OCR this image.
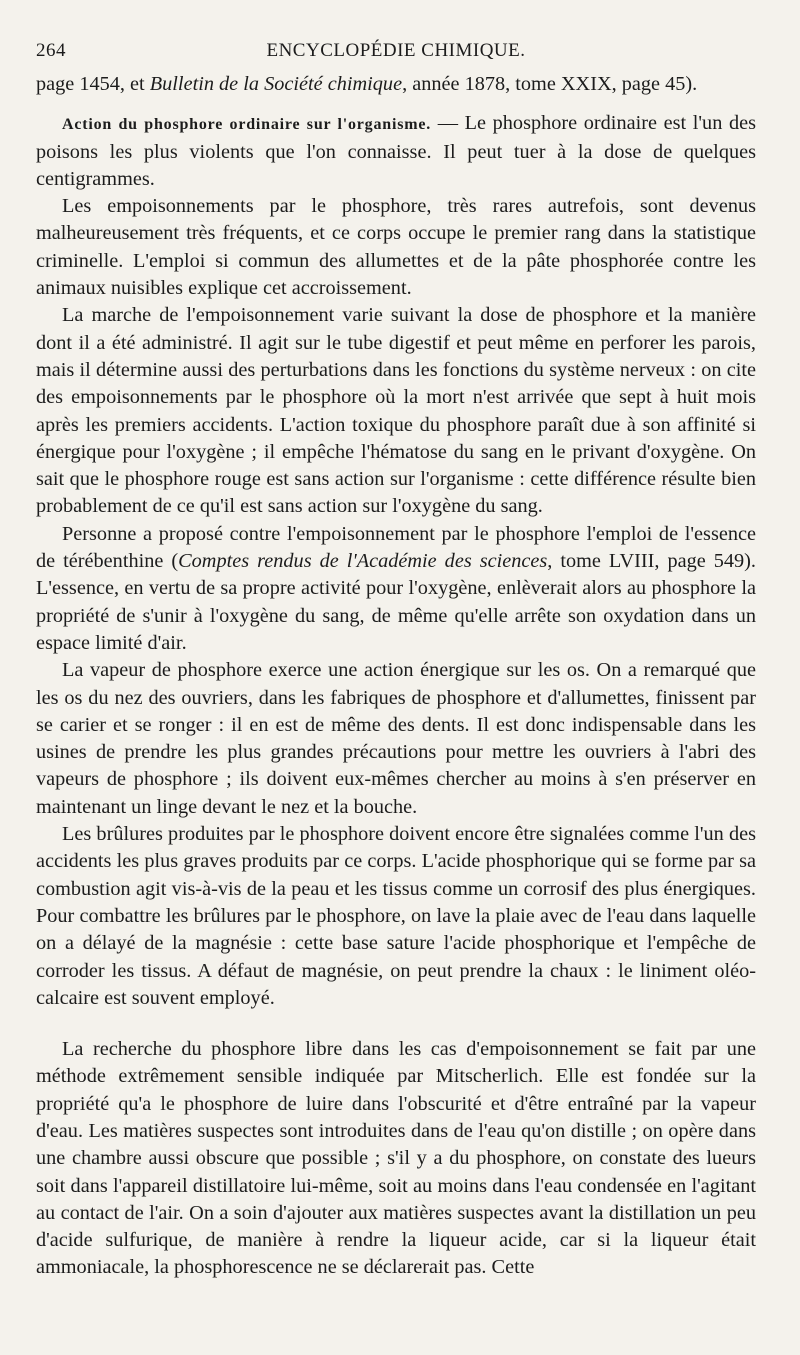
264	ENCYCLOPÉDIE CHIMIQUE.

page 1454, et Bulletin de la Société chimique, année 1878, tome XXIX, page 45).

Action du phosphore ordinaire sur l'organisme. — Le phosphore ordinaire est l'un des poisons les plus violents que l'on connaisse. Il peut tuer à la dose de quelques centigrammes.

Les empoisonnements par le phosphore, très rares autrefois, sont devenus malheureusement très fréquents, et ce corps occupe le premier rang dans la statistique criminelle. L'emploi si commun des allumettes et de la pâte phosphorée contre les animaux nuisibles explique cet accroissement.

La marche de l'empoisonnement varie suivant la dose de phosphore et la manière dont il a été administré. Il agit sur le tube digestif et peut même en perforer les parois, mais il détermine aussi des perturbations dans les fonctions du système nerveux : on cite des empoisonnements par le phosphore où la mort n'est arrivée que sept à huit mois après les premiers accidents. L'action toxique du phosphore paraît due à son affinité si énergique pour l'oxygène ; il empêche l'hématose du sang en le privant d'oxygène. On sait que le phosphore rouge est sans action sur l'organisme : cette différence résulte bien probablement de ce qu'il est sans action sur l'oxygène du sang.

Personne a proposé contre l'empoisonnement par le phosphore l'emploi de l'essence de térébenthine (Comptes rendus de l'Académie des sciences, tome LVIII, page 549). L'essence, en vertu de sa propre activité pour l'oxygène, enlèverait alors au phosphore la propriété de s'unir à l'oxygène du sang, de même qu'elle arrête son oxydation dans un espace limité d'air.

La vapeur de phosphore exerce une action énergique sur les os. On a remarqué que les os du nez des ouvriers, dans les fabriques de phosphore et d'allumettes, finissent par se carier et se ronger : il en est de même des dents. Il est donc indispensable dans les usines de prendre les plus grandes précautions pour mettre les ouvriers à l'abri des vapeurs de phosphore ; ils doivent eux-mêmes chercher au moins à s'en préserver en maintenant un linge devant le nez et la bouche.

Les brûlures produites par le phosphore doivent encore être signalées comme l'un des accidents les plus graves produits par ce corps. L'acide phosphorique qui se forme par sa combustion agit vis-à-vis de la peau et les tissus comme un corrosif des plus énergiques. Pour combattre les brûlures par le phosphore, on lave la plaie avec de l'eau dans laquelle on a délayé de la magnésie : cette base sature l'acide phosphorique et l'empêche de corroder les tissus. A défaut de magnésie, on peut prendre la chaux : le liniment oléo-calcaire est souvent employé.

La recherche du phosphore libre dans les cas d'empoisonnement se fait par une méthode extrêmement sensible indiquée par Mitscherlich. Elle est fondée sur la propriété qu'a le phosphore de luire dans l'obscurité et d'être entraîné par la vapeur d'eau. Les matières suspectes sont introduites dans de l'eau qu'on distille ; on opère dans une chambre aussi obscure que possible ; s'il y a du phosphore, on constate des lueurs soit dans l'appareil distillatoire lui-même, soit au moins dans l'eau condensée en l'agitant au contact de l'air. On a soin d'ajouter aux matières suspectes avant la distillation un peu d'acide sulfurique, de manière à rendre la liqueur acide, car si la liqueur était ammoniacale, la phosphorescence ne se déclarerait pas. Cette
